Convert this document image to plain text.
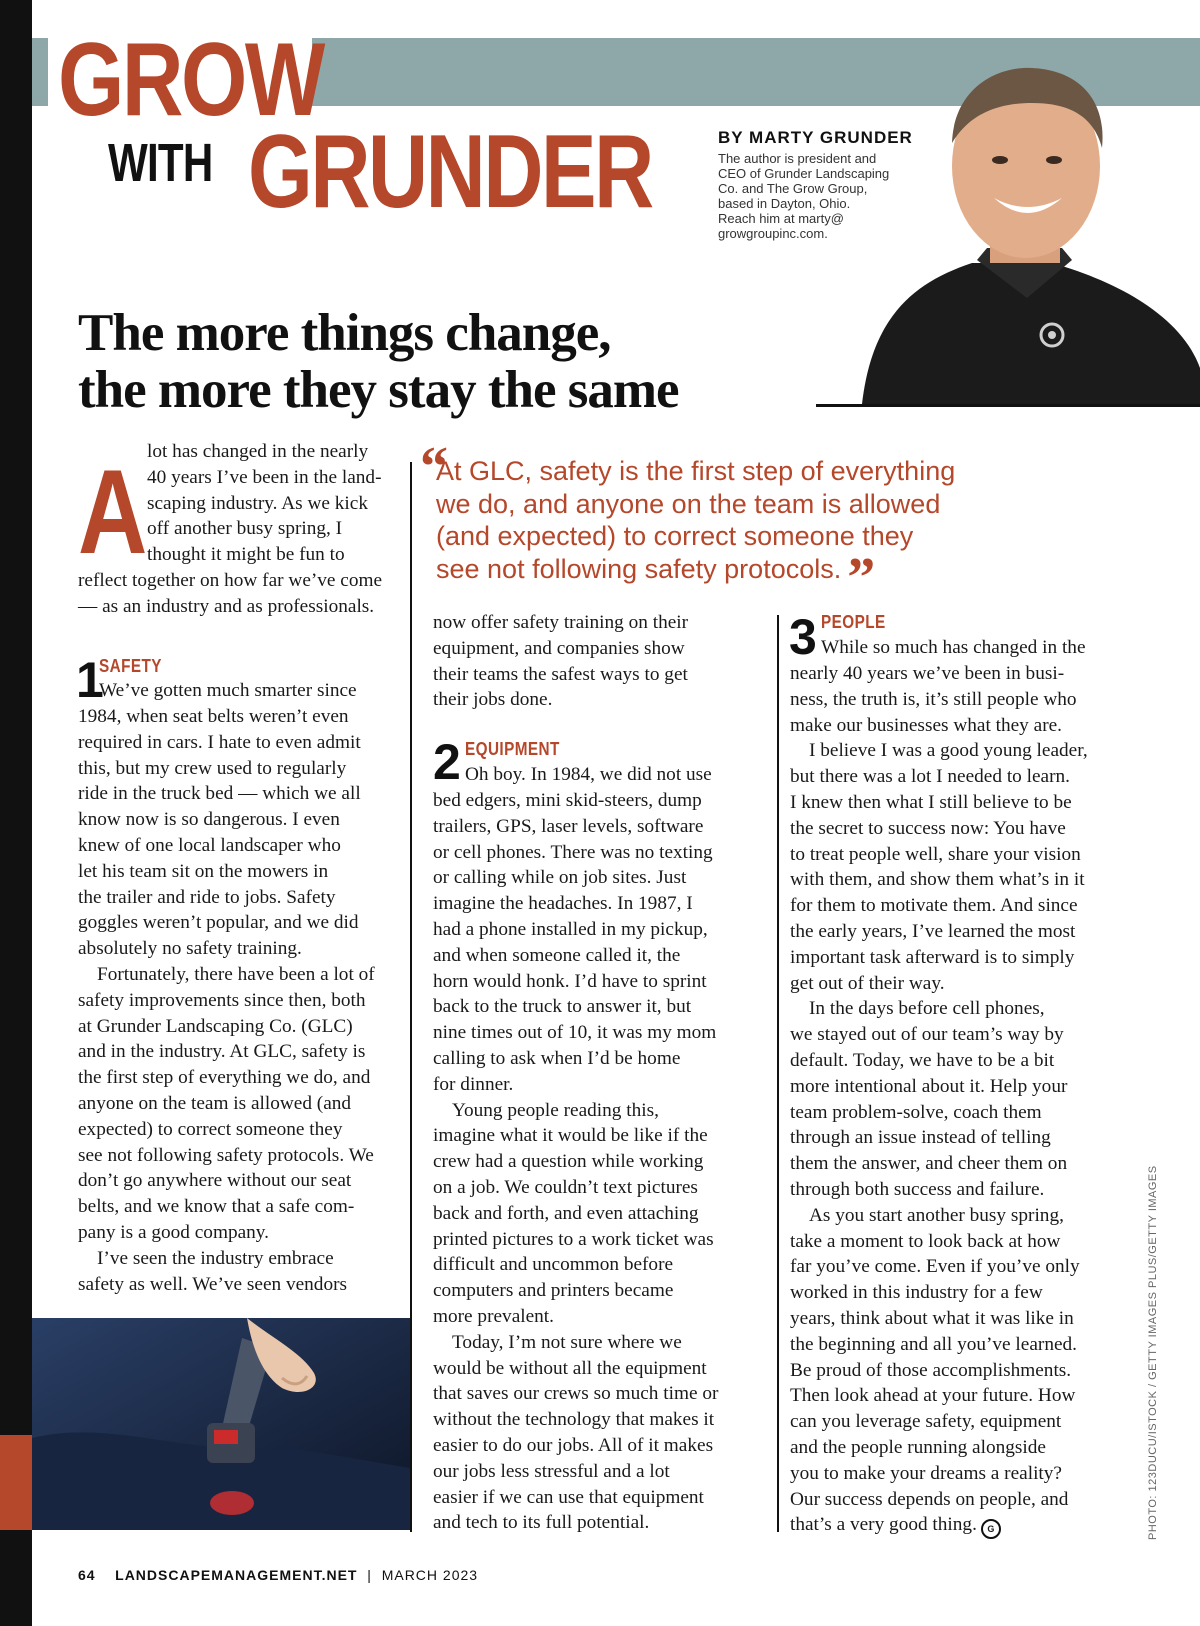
GROW
WITH GRUNDER	BY MARTY GRUNDER
The author is president and
CEO of Grunder Landscaping
Co. and The Grow Group,
based in Dayton, Ohio.
Reach him at marty@
growgroupinc.com.
The more things change,
the more they stay the same
A lot has changed in the nearly

40 years I’ve been in the land-

scaping industry. As we kick

off another busy spring, I

thought it might be fun to

reflect together on how far we’ve come

— as an industry and as professionals.

1
SAFETY
We’ve gotten much smarter since

1984, when seat belts weren’t even

required in cars. I hate to even admit

this, but my crew used to regularly

ride in the truck bed — which we all

know now is so dangerous. I even

knew of one local landscaper who

let his team sit on the mowers in

the trailer and ride to jobs. Safety

goggles weren’t popular, and we did

absolutely no safety training.

Fortunately, there have been a lot of

safety improvements since then, both

at Grunder Landscaping Co. (GLC)

and in the industry. At GLC, safety is

the first step of everything we do, and

anyone on the team is allowed (and

expected) to correct someone they

see not following safety protocols. We

don’t go anywhere without our seat

belts, and we know that a safe com-

pany is a good company.

I’ve seen the industry embrace

safety as well. We’ve seen vendors

“
At GLC, safety is the first step of everything
we do, and anyone on the team is allowed
(and expected) to correct someone they
see not following safety protocols. ”

now offer safety training on their

equipment, and companies show

their teams the safest ways to get

their jobs done.

2 EQUIPMENT
Oh boy. In 1984, we did not use

bed edgers, mini skid-steers, dump

trailers, GPS, laser levels, software

or cell phones. There was no texting

or calling while on job sites. Just

imagine the headaches. In 1987, I

had a phone installed in my pickup,

and when someone called it, the

horn would honk. I’d have to sprint

back to the truck to answer it, but

nine times out of 10, it was my mom

calling to ask when I’d be home

for dinner.

Young people reading this,

imagine what it would be like if the

crew had a question while working

on a job. We couldn’t text pictures

back and forth, and even attaching

printed pictures to a work ticket was

difficult and uncommon before

computers and printers became

more prevalent.

Today, I’m not sure where we

would be without all the equipment

that saves our crews so much time or

without the technology that makes it

easier to do our jobs. All of it makes

our jobs less stressful and a lot

easier if we can use that equipment

and tech to its full potential.

3 PEOPLE
While so much has changed in the

nearly 40 years we’ve been in busi-

ness, the truth is, it’s still people who

make our businesses what they are.

I believe I was a good young leader,

but there was a lot I needed to learn.

I knew then what I still believe to be

the secret to success now: You have

to treat people well, share your vision

with them, and show them what’s in it

for them to motivate them. And since

the early years, I’ve learned the most

important task afterward is to simply

get out of their way.

In the days before cell phones,

we stayed out of our team’s way by

default. Today, we have to be a bit

more intentional about it. Help your

team problem-solve, coach them

through an issue instead of telling

them the answer, and cheer them on

through both success and failure.

As you start another busy spring,

take a moment to look back at how

far you’ve come. Even if you’ve only

worked in this industry for a few

years, think about what it was like in

the beginning and all you’ve learned.

Be proud of those accomplishments.

Then look ahead at your future. How

can you leverage safety, equipment

and the people running alongside

you to make your dreams a reality?

Our success depends on people, and

that’s a very good thing. G	PHOTO: 123DUCU/ISTOCK / GETTY IMAGES PLUS/GETTY IMAGES
64 LANDSCAPEMANAGEMENT.NET | MARCH 2023
